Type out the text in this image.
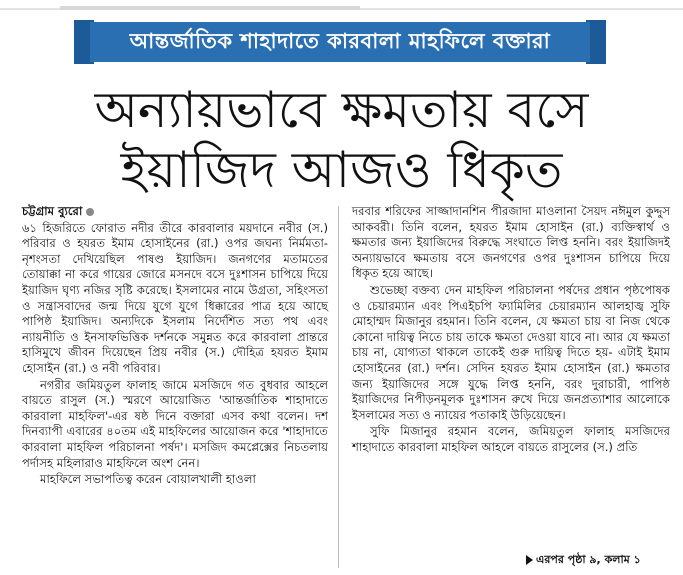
আন্তর্জাতিক শাহাদাতে কারবালা মাহফিলে বক্তারা
অন্যায়ভাবে ক্ষমতায় বসে
ইয়াজিদ আজও ধিকৃত

চট্টগ্রাম ব্যুরো

৬১ হিজরিতে ফোরাত নদীর তীরে কারবালার ময়দানে নবীর (স.) পরিবার ও হযরত ইমাম হোসাইনের (রা.) ওপর জঘন্য নির্মমতা-নৃশংসতা দেখিয়েছিল পাষণ্ড ইয়াজিদ। জনগণের মতামতের তোয়াক্কা না করে গায়ের জোরে মসনদে বসে দুঃশাসন চাপিয়ে দিয়ে ইয়াজিদ ঘৃণ্য নজির সৃষ্টি করেছে। ইসলামের নামে উগ্রতা, সহিংসতা ও সন্ত্রাসবাদের জন্ম দিয়ে যুগে যুগে ধিক্কারের পাত্র হয়ে আছে পাপিষ্ঠ ইয়াজিদ। অন্যদিকে ইসলাম নির্দেশিত সত্য পথ এবং ন্যায়নীতি ও ইনসাফভিত্তিক দর্শনকে সমুন্নত করে কারবালা প্রান্তরে হাসিমুখে জীবন দিয়েছেন প্রিয় নবীর (স.) দৌহিত্র হযরত ইমাম হোসাইন (রা.) ও নবী পরিবার।

নগরীর জমিয়তুল ফালাহ জামে মসজিদে গত বুধবার আহলে বায়তে রাসুল (স.) স্মরণে আয়োজিত 'আন্তর্জাতিক শাহাদাতে কারবালা মাহফিল'-এর ষষ্ঠ দিনে বক্তারা এসব কথা বলেন। দশ দিনব্যাপী এবারের ৪০তম এই মাহফিলের আয়োজন করে 'শাহাদাতে কারবালা মাহফিল পরিচালনা পর্ষদ'। মসজিদ কমপ্লেক্সের নিচতলায় পর্দাসহ মহিলারাও মাহফিলে অংশ নেন।

মাহফিলে সভাপতিত্ব করেন বোয়ালখালী হাওলা

দরবার শরিফের সাজ্জাদানশিন পীরজাদা মাওলানা সৈয়দ নঈমুল কুদ্দুস আকবরী। তিনি বলেন, হযরত ইমাম হোসাইন (রা.) ব্যক্তিস্বার্থ ও ক্ষমতার জন্য ইয়াজিদের বিরুদ্ধে সংঘাতে লিপ্ত হননি। বরং ইয়াজিদই অন্যায়ভাবে ক্ষমতায় বসে জনগণের ওপর দুঃশাসন চাপিয়ে দিয়ে ধিকৃত হয়ে আছে।

শুভেচ্ছা বক্তব্য দেন মাহফিল পরিচালনা পর্ষদের প্রধান পৃষ্ঠপোষক ও চেয়ারম্যান এবং পিএইচপি ফ্যামিলির চেয়ারম্যান আলহাজ্ব সুফি মোহাম্মদ মিজানুর রহমান। তিনি বলেন, যে ক্ষমতা চায় বা নিজ থেকে কোনো দায়িত্ব নিতে চায় তাকে ক্ষমতা দেওয়া যাবে না। আর যে ক্ষমতা চায় না, যোগ্যতা থাকলে তাকেই গুরু দায়িত্ব দিতে হয়- এটাই ইমাম হোসাইনের (রা.) দর্শন। সেদিন হযরত ইমাম হোসাইন (রা.) ক্ষমতার জন্য ইয়াজিদের সঙ্গে যুদ্ধে লিপ্ত হননি, বরং দুরাচারী, পাপিষ্ঠ ইয়াজিদের নিপীড়নমূলক দুঃশাসন রুখে দিয়ে জনপ্রত্যাশার আলোকে ইসলামের সত্য ও ন্যায়ের পতাকাই উড়িয়েছেন।

সুফি মিজানুর রহমান বলেন, জমিয়তুল ফালাহ মসজিদের শাহাদাতে কারবালা মাহফিল আহলে বায়তে রাসুলের (স.) প্রতি

এরপর পৃষ্ঠা ৯, কলাম ১
